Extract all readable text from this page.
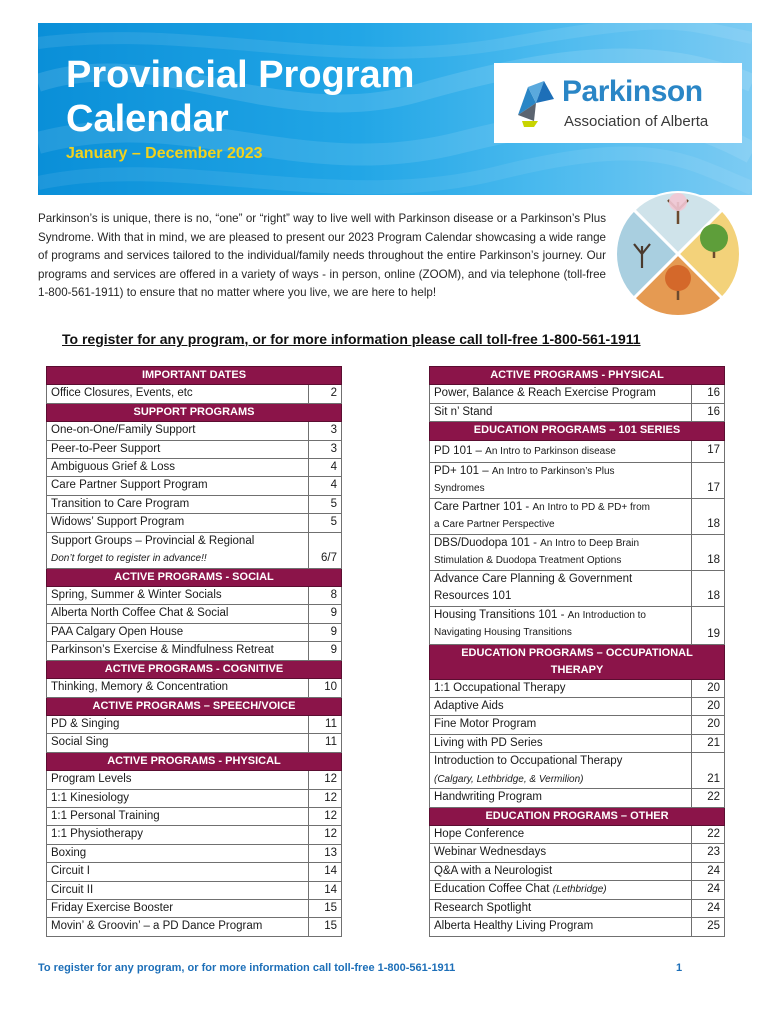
Provincial Program Calendar
January – December 2023
Parkinson
Association of Alberta
Parkinson’s is unique, there is no, “one” or “right” way to live well with Parkinson disease or a Parkinson’s Plus Syndrome. With that in mind, we are pleased to present our 2023 Program Calendar showcasing a wide range of programs and services tailored to the individual/family needs throughout the entire Parkinson’s journey. Our programs and services are offered in a variety of ways - in person, online (ZOOM), and via telephone (toll-free 1-800-561-1911) to ensure that no matter where you live, we are here to help!
To register for any program, or for more information please call toll-free 1-800-561-1911
IMPORTANT DATES	
Office Closures, Events, etc	2
SUPPORT PROGRAMS	
One-on-One/Family Support	3
Peer-to-Peer Support	3
Ambiguous Grief & Loss	4
Care Partner Support Program	4
Transition to Care Program	5
Widows’ Support Program	5

Support Groups – Provincial & Regional
Don’t forget to register in advance!!	6/7
ACTIVE PROGRAMS - SOCIAL	
Spring, Summer & Winter Socials	8
Alberta North Coffee Chat & Social	9
PAA Calgary Open House	9
Parkinson’s Exercise & Mindfulness Retreat	9
ACTIVE PROGRAMS - COGNITIVE	
Thinking, Memory & Concentration	10
ACTIVE PROGRAMS – SPEECH/VOICE	
PD & Singing	11
Social Sing	11
ACTIVE PROGRAMS - PHYSICAL	
Program Levels	12
1:1 Kinesiology	12
1:1 Personal Training	12
1:1 Physiotherapy	12
Boxing	13
Circuit I	14
Circuit II	14
Friday Exercise Booster	15
Movin’ & Groovin’ – a PD Dance Program	15
ACTIVE PROGRAMS - PHYSICAL	
Power, Balance & Reach Exercise Program	16
Sit n’ Stand	16
EDUCATION PROGRAMS – 101 SERIES	
PD 101 – An Intro to Parkinson disease	17

PD+ 101 – An Intro to Parkinson’s Plus
Syndromes	17

Care Partner 101 - An Intro to PD & PD+ from
a Care Partner Perspective	18

DBS/Duodopa 101 - An Intro to Deep Brain
Stimulation & Duodopa Treatment Options	18

Advance Care Planning & Government
Resources 101	18

Housing Transitions 101 - An Introduction to
Navigating Housing Transitions	19
EDUCATION PROGRAMS – OCCUPATIONAL THERAPY	
1:1 Occupational Therapy	20
Adaptive Aids	20
Fine Motor Program	20
Living with PD Series	21

Introduction to Occupational Therapy
(Calgary, Lethbridge, & Vermilion)	21
Handwriting Program	22
EDUCATION PROGRAMS – OTHER	
Hope Conference	22
Webinar Wednesdays	23
Q&A with a Neurologist	24
Education Coffee Chat (Lethbridge)	24
Research Spotlight	24
Alberta Healthy Living Program	25
To register for any program, or for more information call toll-free 1-800-561-1911	1
